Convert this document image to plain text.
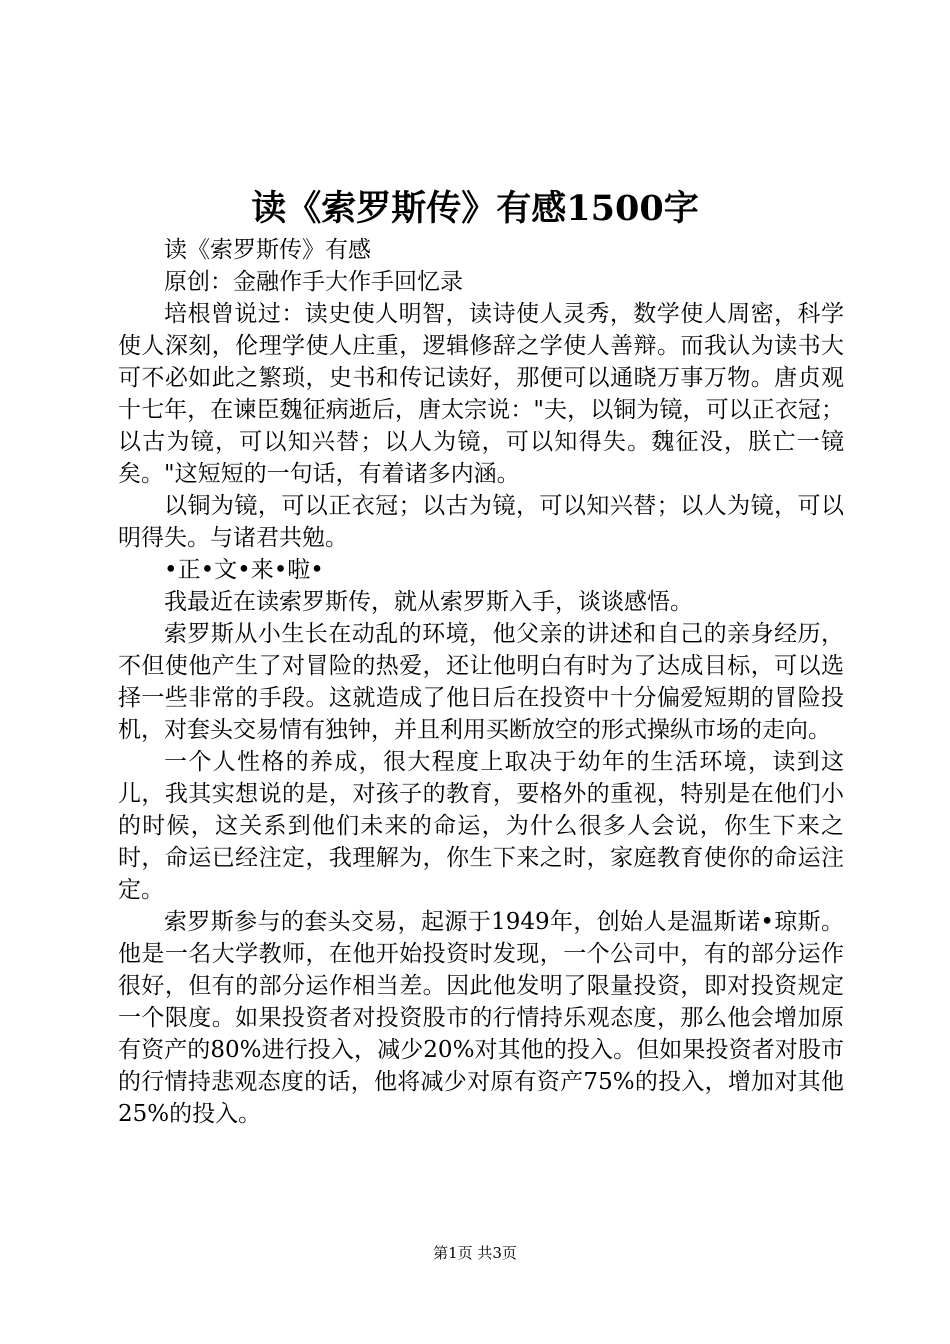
读《索罗斯传》有感1500字

读《索罗斯传》有感

原创：金融作手大作手回忆录

培根曾说过：读史使人明智，读诗使人灵秀，数学使人周密，科学使人深刻，伦理学使人庄重，逻辑修辞之学使人善辩。而我认为读书大可不必如此之繁琐，史书和传记读好，那便可以通晓万事万物。唐贞观十七年，在谏臣魏征病逝后，唐太宗说："夫，以铜为镜，可以正衣冠；以古为镜，可以知兴替；以人为镜，可以知得失。魏征没，朕亡一镜矣。"这短短的一句话，有着诸多内涵。

以铜为镜，可以正衣冠；以古为镜，可以知兴替；以人为镜，可以明得失。与诸君共勉。

•正•文•来•啦•

我最近在读索罗斯传，就从索罗斯入手，谈谈感悟。

索罗斯从小生长在动乱的环境，他父亲的讲述和自己的亲身经历，不但使他产生了对冒险的热爱，还让他明白有时为了达成目标，可以选择一些非常的手段。这就造成了他日后在投资中十分偏爱短期的冒险投机，对套头交易情有独钟，并且利用买断放空的形式操纵市场的走向。

一个人性格的养成，很大程度上取决于幼年的生活环境，读到这儿，我其实想说的是，对孩子的教育，要格外的重视，特别是在他们小的时候，这关系到他们未来的命运，为什么很多人会说，你生下来之时，命运已经注定，我理解为，你生下来之时，家庭教育使你的命运注定。

索罗斯参与的套头交易，起源于1949年，创始人是温斯诺•琼斯。他是一名大学教师，在他开始投资时发现，一个公司中，有的部分运作很好，但有的部分运作相当差。因此他发明了限量投资，即对投资规定一个限度。如果投资者对投资股市的行情持乐观态度，那么他会增加原有资产的80%进行投入，减少20%对其他的投入。但如果投资者对股市的行情持悲观态度的话，他将减少对原有资产75%的投入，增加对其他25%的投入。

第1页 共3页
